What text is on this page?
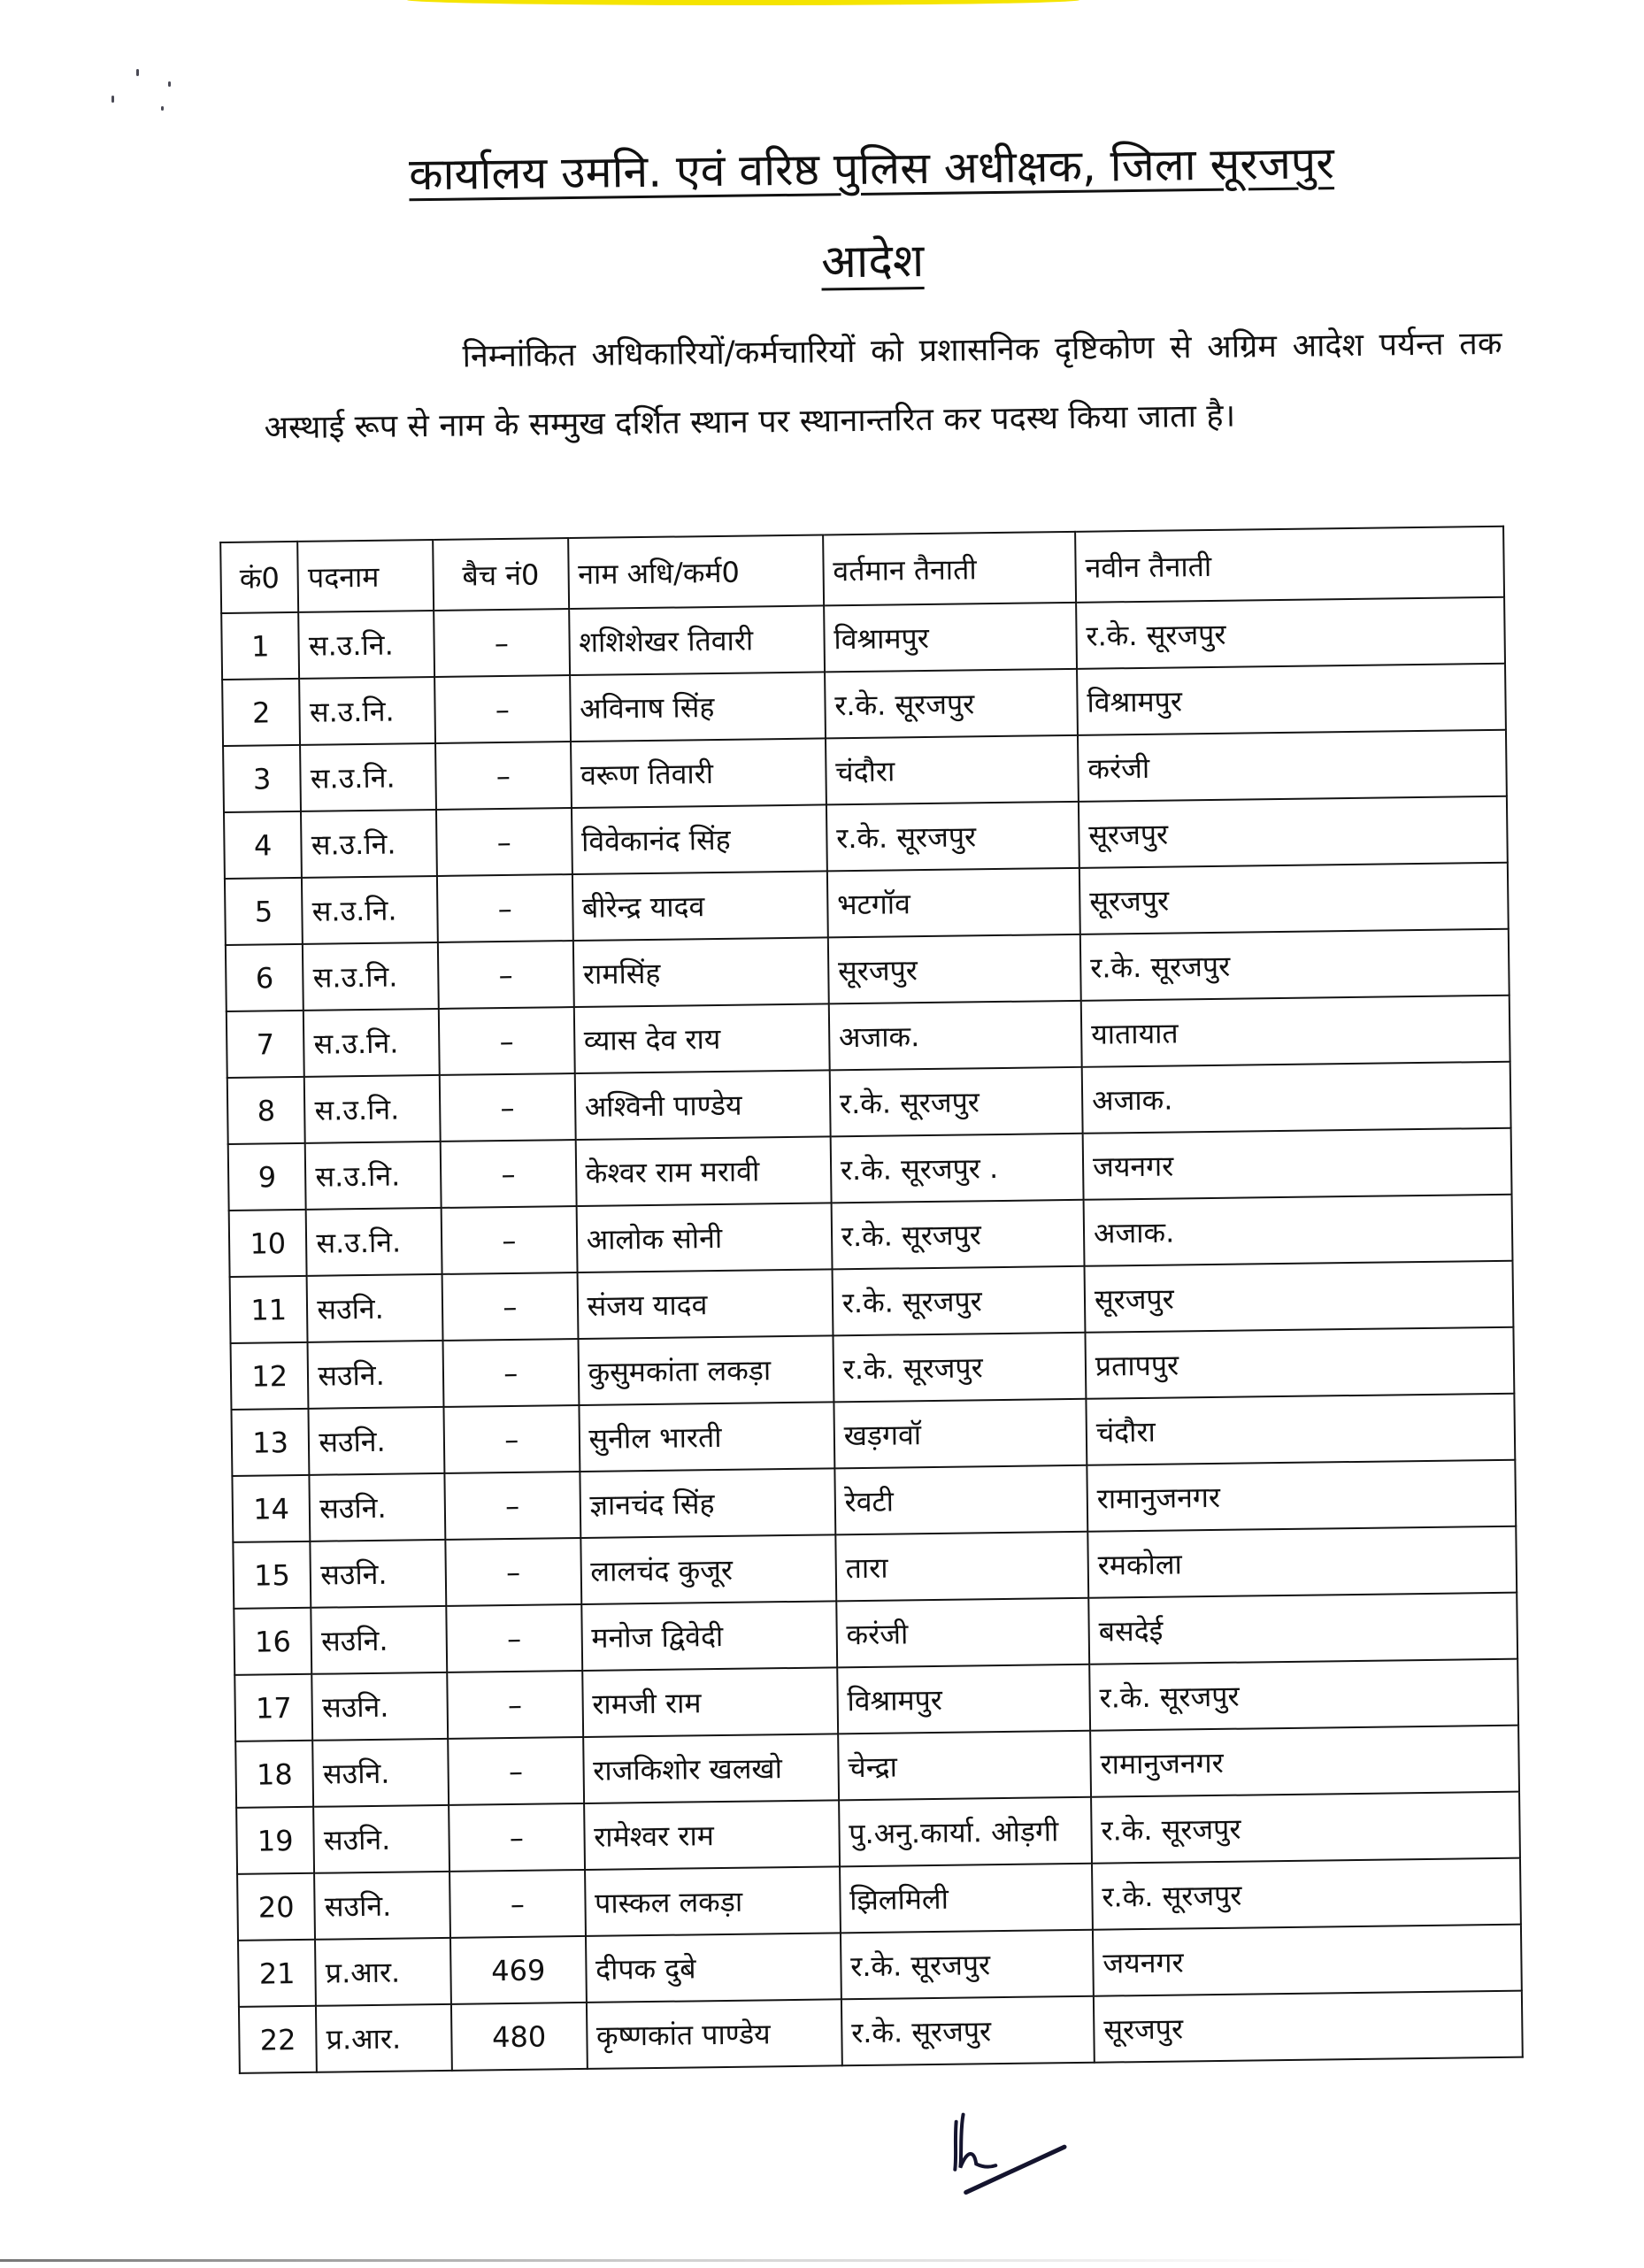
कार्यालय उमनि. एवं वरिष्ठ पुलिस अधीक्षक, जिला सूरजपुर
आदेश
निम्नांकित अधिकारियों/कर्मचारियों को प्रशासनिक दृष्टिकोण से अग्रिम आदेश पर्यन्त तक अस्थाई रूप से नाम के सम्मुख दर्शित स्थान पर स्थानान्तरित कर पदस्थ किया जाता है।
कं0	पदनाम	बैच नं0	नाम अधि/कर्म0	वर्तमान तैनाती	नवीन तैनाती
1	स.उ.नि.	–	शशिशेखर तिवारी	विश्रामपुर	र.के. सूरजपुर
2	स.उ.नि.	–	अविनाष सिंह	र.के. सूरजपुर	विश्रामपुर
3	स.उ.नि.	–	वरूण तिवारी	चंदौरा	करंजी
4	स.उ.नि.	–	विवेकानंद सिंह	र.के. सूरजपुर	सूरजपुर
5	स.उ.नि.	–	बीरेन्द्र यादव	भटगॉव	सूरजपुर
6	स.उ.नि.	–	रामसिंह	सूरजपुर	र.के. सूरजपुर
7	स.उ.नि.	–	व्यास देव राय	अजाक.	यातायात
8	स.उ.नि.	–	अश्विनी पाण्डेय	र.के. सूरजपुर	अजाक.
9	स.उ.नि.	–	केश्वर राम मरावी	र.के. सूरजपुर .	जयनगर
10	स.उ.नि.	–	आलोक सोनी	र.के. सूरजपुर	अजाक.
11	सउनि.	–	संजय यादव	र.के. सूरजपुर	सूरजपुर
12	सउनि.	–	कुसुमकांता लकड़ा	र.के. सूरजपुर	प्रतापपुर
13	सउनि.	–	सुनील भारती	खड़गवॉ	चंदौरा
14	सउनि.	–	ज्ञानचंद सिंह	रेवटी	रामानुजनगर
15	सउनि.	–	लालचंद कुजूर	तारा	रमकोला
16	सउनि.	–	मनोज द्विवेदी	करंजी	बसदेई
17	सउनि.	–	रामजी राम	विश्रामपुर	र.के. सूरजपुर
18	सउनि.	–	राजकिशोर खलखो	चेन्द्रा	रामानुजनगर
19	सउनि.	–	रामेश्वर राम	पु.अनु.कार्या. ओड़गी	र.के. सूरजपुर
20	सउनि.	–	पास्कल लकड़ा	झिलमिली	र.के. सूरजपुर
21	प्र.आर.	469	दीपक दुबे	र.के. सूरजपुर	जयनगर
22	प्र.आर.	480	कृष्णकांत पाण्डेय	र.के. सूरजपुर	सूरजपुर
